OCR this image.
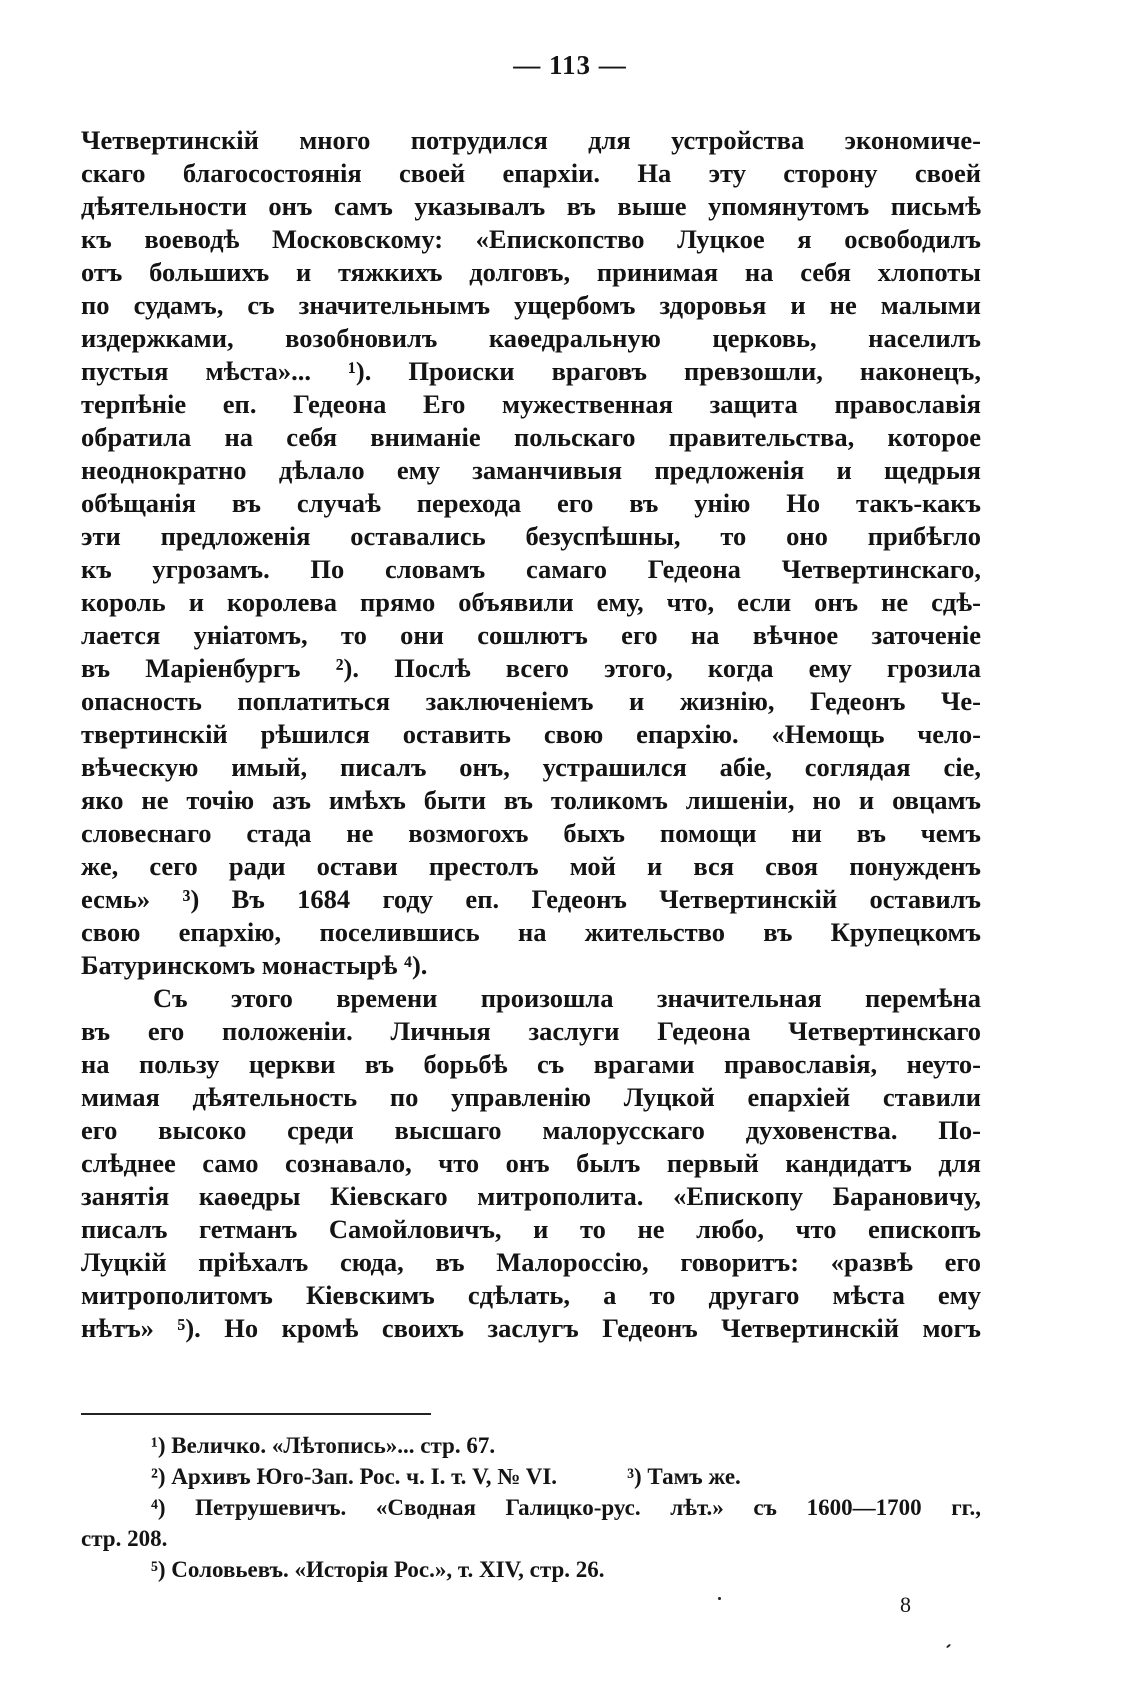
— 113 —
Четвертинскій много потрудился для устройства экономиче-
скаго благосостоянія своей епархіи. На эту сторону своей
дѣятельности онъ самъ указывалъ въ выше упомянутомъ письмѣ
къ воеводѣ Московскому: «Епископство Луцкое я освободилъ
отъ большихъ и тяжкихъ долговъ, принимая на себя хлопоты
по судамъ, съ значительнымъ ущербомъ здоровья и не малыми
издержками, возобновилъ каѳедральную церковь, населилъ
пустыя мѣста»... ¹). Происки враговъ превзошли, наконецъ,
терпѣніе еп. Гедеона Его мужественная защита православія
обратила на себя вниманіе польскаго правительства, которое
неоднократно дѣлало ему заманчивыя предложенія и щедрыя
обѣщанія въ случаѣ перехода его въ унію Но такъ-какъ
эти предложенія оставались безуспѣшны, то оно прибѣгло
къ угрозамъ. По словамъ самаго Гедеона Четвертинскаго,
король и королева прямо объявили ему, что, если онъ не сдѣ-
лается уніатомъ, то они сошлютъ его на вѣчное заточеніе
въ Маріенбургъ ²). Послѣ всего этого, когда ему грозила
опасность поплатиться заключеніемъ и жизнію, Гедеонъ Че-
твертинскій рѣшился оставить свою епархію. «Немощь чело-
вѣческую имый, писалъ онъ, устрашился абіе, соглядая сіе,
яко не точію азъ имѣхъ быти въ толикомъ лишеніи, но и овцамъ
словеснаго стада не возмогохъ быхъ помощи ни въ чемъ
же, сего ради остави престолъ мой и вся своя понужденъ
есмь» ³) Въ 1684 году еп. Гедеонъ Четвертинскій оставилъ
свою епархію, поселившись на жительство въ Крупецкомъ
Батуринскомъ монастырѣ ⁴).
Съ этого времени произошла значительная перемѣна
въ его положеніи. Личныя заслуги Гедеона Четвертинскаго
на пользу церкви въ борьбѣ съ врагами православія, неуто-
мимая дѣятельность по управленію Луцкой епархіей ставили
его высоко среди высшаго малорусскаго духовенства. По-
слѣднее само сознавало, что онъ былъ первый кандидатъ для
занятія каѳедры Кіевскаго митрополита. «Епископу Барановичу,
писалъ гетманъ Самойловичъ, и то не любо, что епископъ
Луцкій пріѣхалъ сюда, въ Малороссію, говоритъ: «развѣ его
митрополитомъ Кіевскимъ сдѣлать, а то другаго мѣста ему
нѣтъ» ⁵). Но кромѣ своихъ заслугъ Гедеонъ Четвертинскій могъ
¹) Величко. «Лѣтопись»... стр. 67.
²) Архивъ Юго-Зап. Рос. ч. I. т. V, № VI.	³) Тамъ же.
⁴) Петрушевичъ. «Сводная Галицко-рус. лѣт.» съ 1600—1700 гг.,
стр. 208.
⁵) Соловьевъ. «Исторія Рос.», т. XIV, стр. 26.
8
